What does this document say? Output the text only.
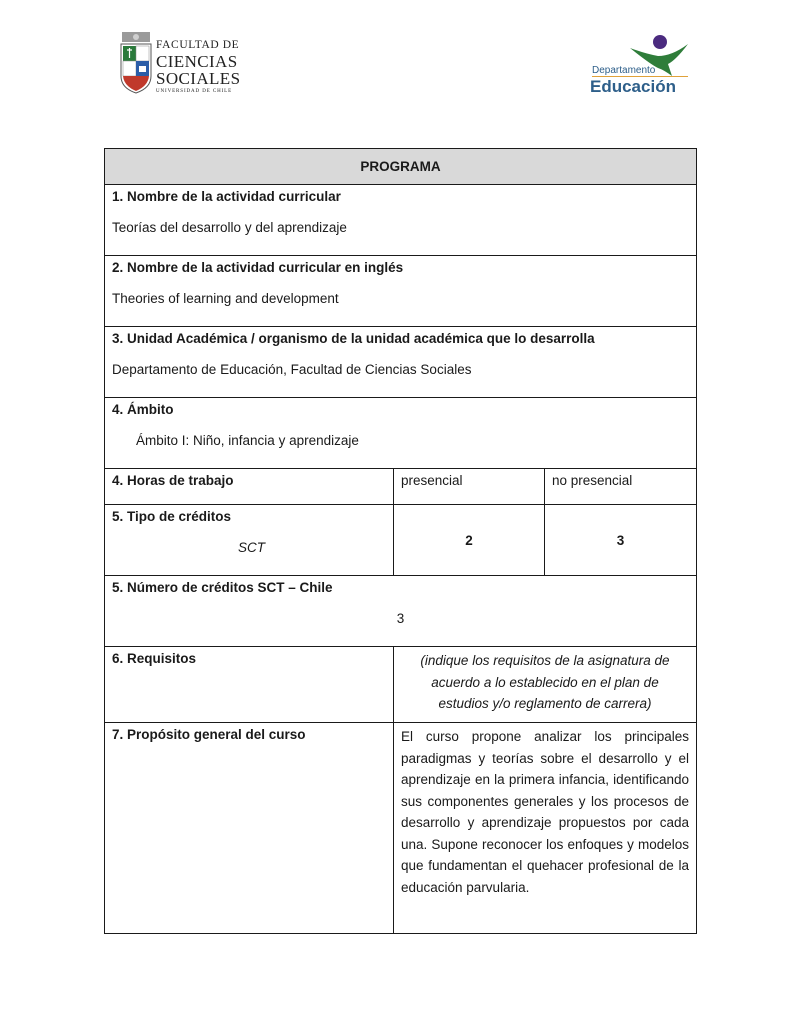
FACULTAD DE
CIENCIAS
SOCIALES
UNIVERSIDAD DE CHILE
Departamento
Educación
PROGRAMA		

1. Nombre de la actividad curricular
Teorías del desarrollo y del aprendizaje		

2. Nombre de la actividad curricular en inglés
Theories of learning and development		

3. Unidad Académica / organismo de la unidad académica que lo desarrolla
Departamento de Educación, Facultad de Ciencias Sociales		

4. Ámbito
Ámbito I: Niño, infancia y aprendizaje		

4. Horas de trabajo	presencial	no presencial

5. Tipo de créditos
SCT	2	3

5. Número de créditos SCT – Chile
3		

6. Requisitos	(indique los requisitos de la asignatura de acuerdo a lo establecido en el plan de estudios y/o reglamento de carrera)	

7. Propósito general del curso	El curso propone analizar los principales paradigmas y teorías sobre el desarrollo y el aprendizaje en la primera infancia, identificando sus componentes generales y los procesos de desarrollo y aprendizaje propuestos por cada una. Supone reconocer los enfoques y modelos que fundamentan el quehacer profesional de la educación parvularia.	
